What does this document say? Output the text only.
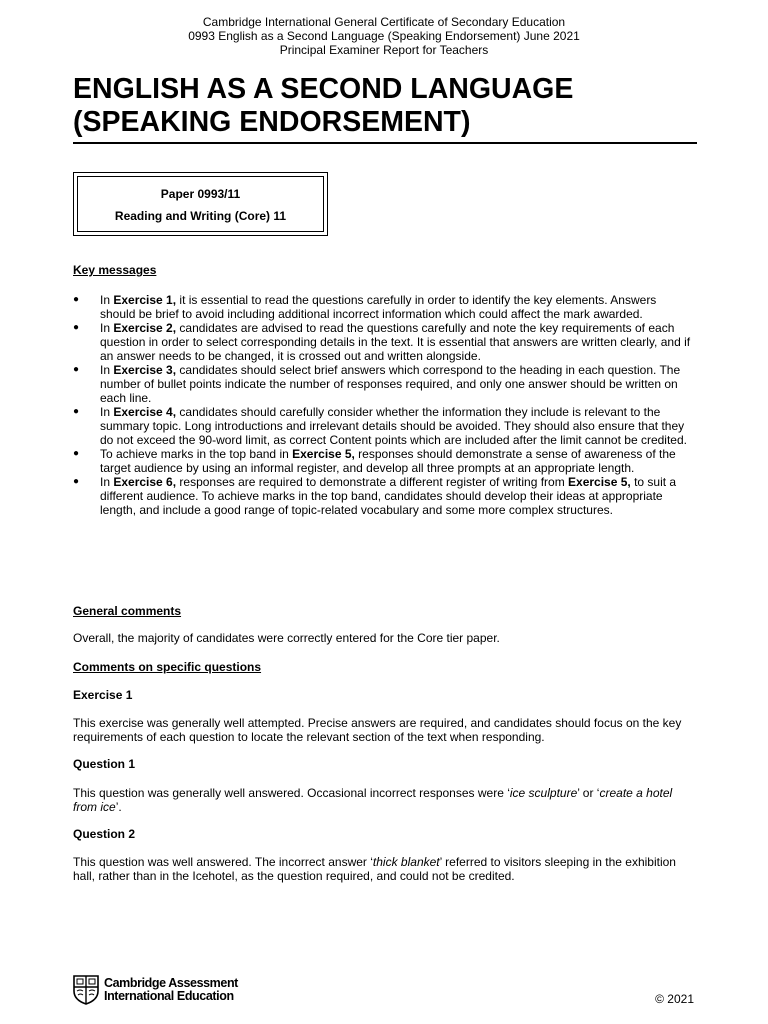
Cambridge International General Certificate of Secondary Education
0993 English as a Second Language (Speaking Endorsement) June 2021
Principal Examiner Report for Teachers
ENGLISH AS A SECOND LANGUAGE
(SPEAKING ENDORSEMENT)
Paper 0993/11
Reading and Writing (Core) 11
Key messages
● In Exercise 1, it is essential to read the questions carefully in order to identify the key elements. Answers should be brief to avoid including additional incorrect information which could affect the mark awarded.
● In Exercise 2, candidates are advised to read the questions carefully and note the key requirements of each question in order to select corresponding details in the text. It is essential that answers are written clearly, and if an answer needs to be changed, it is crossed out and written alongside.
● In Exercise 3, candidates should select brief answers which correspond to the heading in each question. The number of bullet points indicate the number of responses required, and only one answer should be written on each line.
● In Exercise 4, candidates should carefully consider whether the information they include is relevant to the summary topic. Long introductions and irrelevant details should be avoided. They should also ensure that they do not exceed the 90-word limit, as correct Content points which are included after the limit cannot be credited.
● To achieve marks in the top band in Exercise 5, responses should demonstrate a sense of awareness of the target audience by using an informal register, and develop all three prompts at an appropriate length.
● In Exercise 6, responses are required to demonstrate a different register of writing from Exercise 5, to suit a different audience. To achieve marks in the top band, candidates should develop their ideas at appropriate length, and include a good range of topic-related vocabulary and some more complex structures.
General comments
Overall, the majority of candidates were correctly entered for the Core tier paper.
Comments on specific questions
Exercise 1
This exercise was generally well attempted. Precise answers are required, and candidates should focus on the key requirements of each question to locate the relevant section of the text when responding.
Question 1
This question was generally well answered. Occasional incorrect responses were ‘ice sculpture’ or ‘create a hotel from ice’.
Question 2
This question was well answered. The incorrect answer ‘thick blanket’ referred to visitors sleeping in the exhibition hall, rather than in the Icehotel, as the question required, and could not be credited.
Cambridge Assessment
International Education	© 2021
